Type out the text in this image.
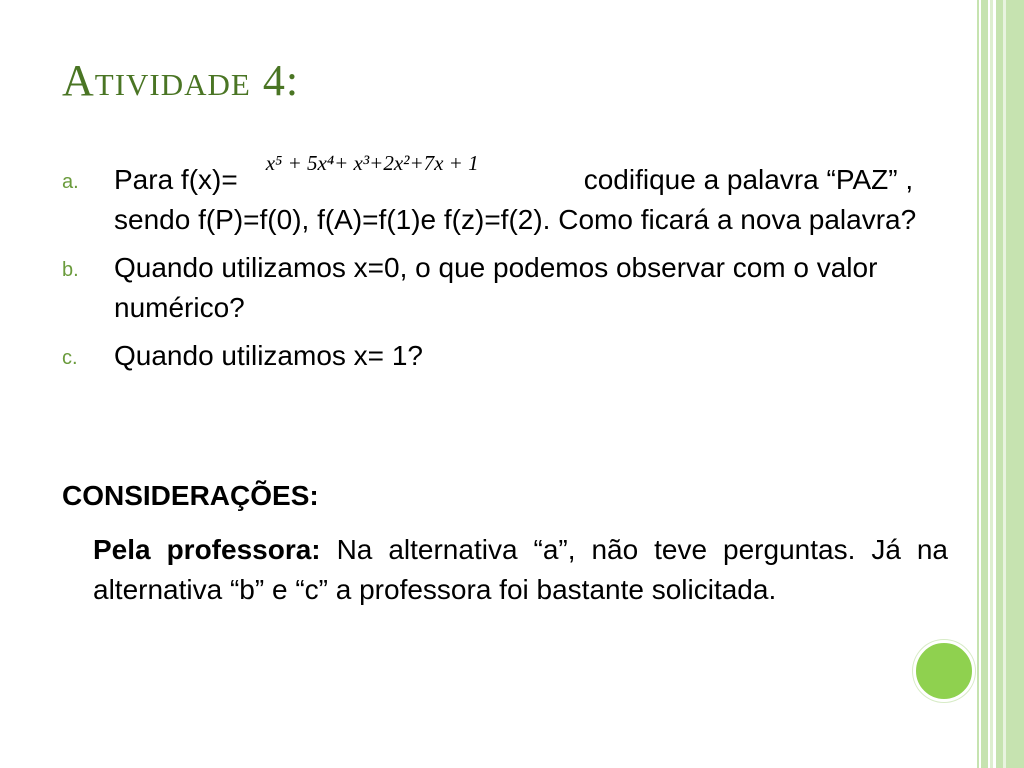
Atividade 4:
a. Para f(x)=x⁵ + 5x⁴+ x³+2x²+7x + 1codifique a palavra “PAZ” , sendo f(P)=f(0), f(A)=f(1)e f(z)=f(2). Como ficará a nova palavra?
b. Quando utilizamos x=0, o que podemos observar com o valor numérico?
c. Quando utilizamos x= 1?

CONSIDERAÇÕES:

Pela professora: Na alternativa “a”, não teve perguntas. Já na alternativa “b” e “c” a professora foi bastante solicitada.
